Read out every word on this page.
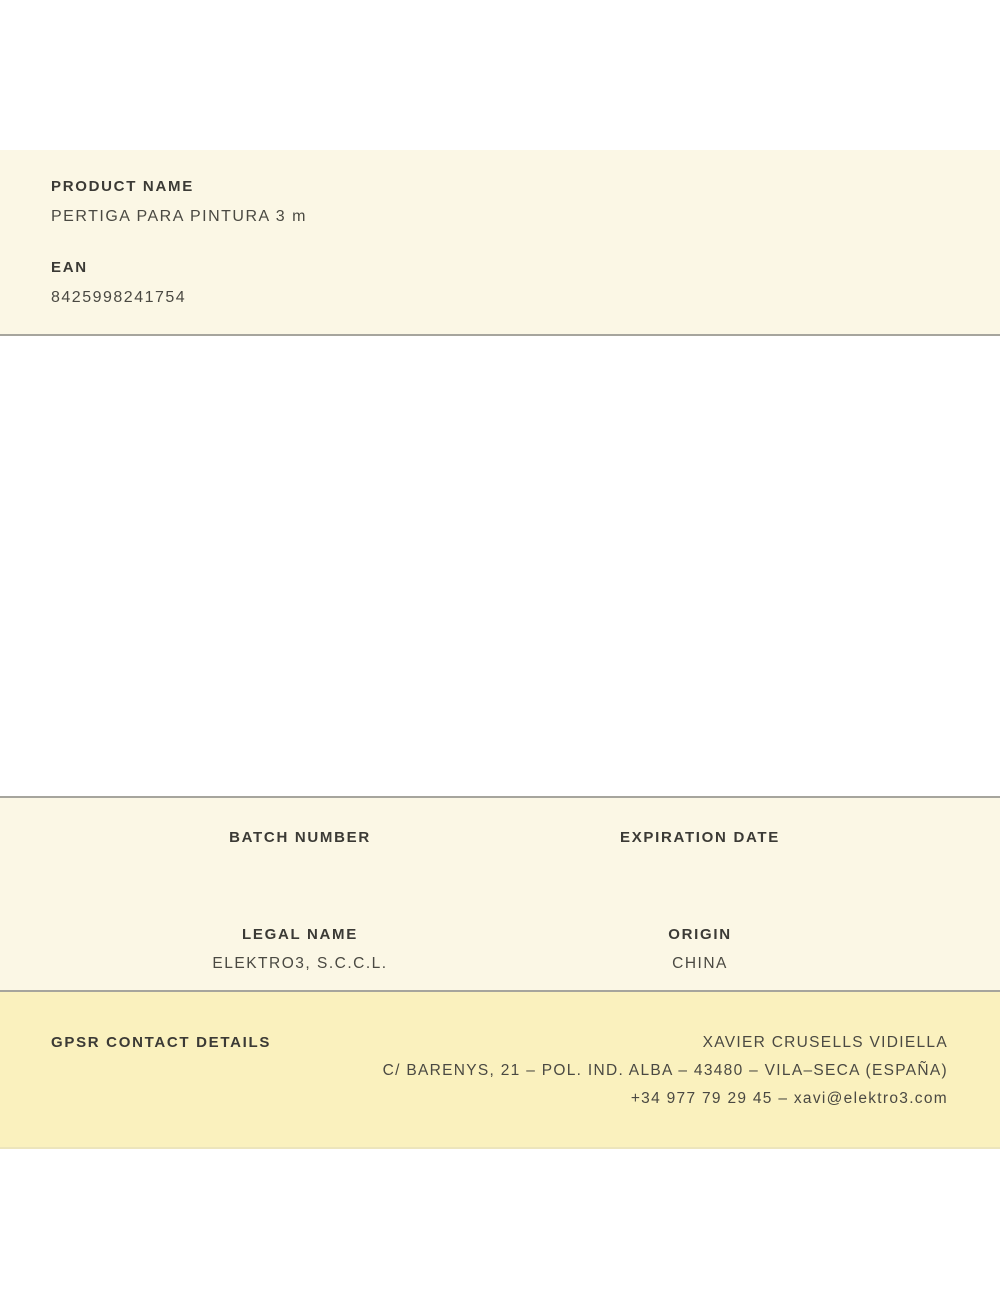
PRODUCT NAME
PERTIGA PARA PINTURA 3 m
EAN
8425998241754
BATCH NUMBER	EXPIRATION DATE
LEGAL NAME
ELEKTRO3, S.C.C.L.
ORIGIN
CHINA
GPSR CONTACT DETAILS	XAVIER CRUSELLS VIDIELLA
C/ BARENYS, 21 – POL. IND. ALBA – 43480 – VILA–SECA (ESPAÑA)
+34 977 79 29 45 – xavi@elektro3.com
